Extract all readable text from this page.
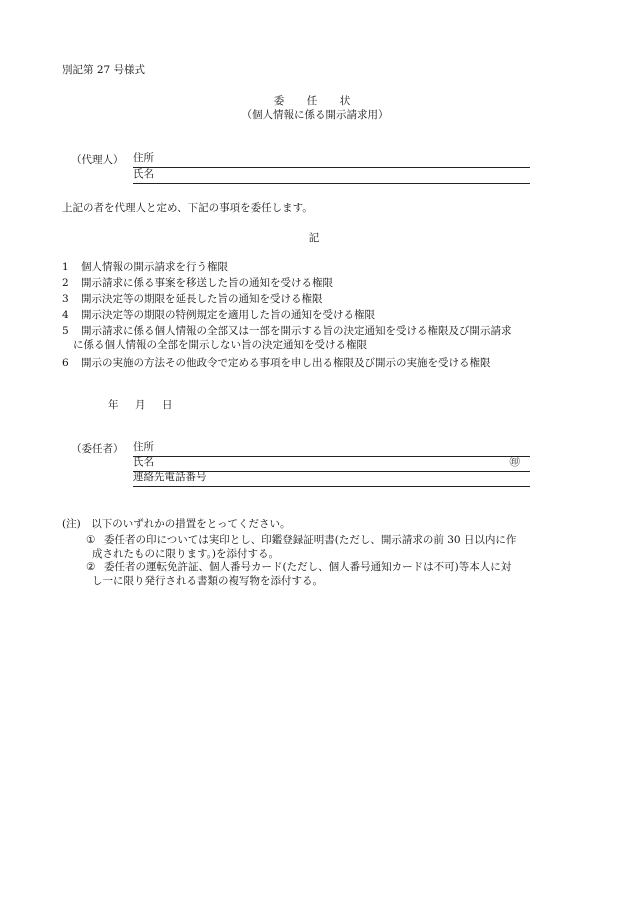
別記第 27 号様式
委　任　状
（個人情報に係る開示請求用）
（代理人） 住所
氏名
上記の者を代理人と定め、下記の事項を委任します。
記
1 個人情報の開示請求を行う権限
2 開示請求に係る事案を移送した旨の通知を受ける権限
3 開示決定等の期限を延長した旨の通知を受ける権限
4 開示決定等の期限の特例規定を適用した旨の通知を受ける権限
5 開示請求に係る個人情報の全部又は一部を開示する旨の決定通知を受ける権限及び開示請求
に係る個人情報の全部を開示しない旨の決定通知を受ける権限
6 開示の実施の方法その他政令で定める事項を申し出る権限及び開示の実施を受ける権限
年　月　日
（委任者） 住所
氏名	㊞
連絡先電話番号
(注)　以下のいずれかの措置をとってください。
① 委任者の印については実印とし、印鑑登録証明書(ただし、開示請求の前 30 日以内に作
成されたものに限ります。)を添付する。
② 委任者の運転免許証、個人番号カード(ただし、個人番号通知カードは不可)等本人に対
し一に限り発行される書類の複写物を添付する。
